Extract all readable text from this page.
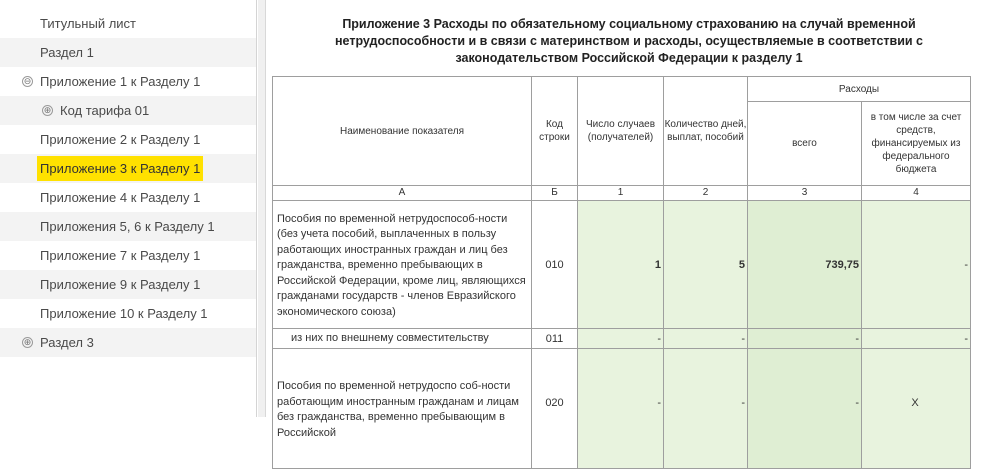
Титульный лист
Раздел 1
⊖ Приложение 1 к Разделу 1
⊕ Код тарифа 01
Приложение 2 к Разделу 1
Приложение 3 к Разделу 1
Приложение 4 к Разделу 1
Приложения 5, 6 к Разделу 1
Приложение 7 к Разделу 1
Приложение 9 к Разделу 1
Приложение 10 к Разделу 1
⊕ Раздел 3
Приложение 3 Расходы по обязательному социальному страхованию на случай временной
нетрудоспособности и в связи с материнством и расходы, осуществляемые в соответствии с
законодательством Российской Федерации к разделу 1
Наименование показателя	Код строки	Число случаев (получателей)	Количество дней, выплат, пособий	Расходы	
				всего	в том числе за счет средств, финансируемых из федерального бюджета
А	Б	1	2	3	4
Пособия по временной нетрудоспособ-ности (без учета пособий, выплаченных в пользу работающих иностранных граждан и лиц без гражданства, временно пребывающих в Российской Федерации, кроме лиц, являющихся гражданами государств - членов Евразийского экономического союза)	010	1	5	739,75	-
из них по внешнему совместительству	011	-	-	-	-
Пособия по временной нетрудоспо соб-ности работающим иностранным гражданам и лицам без гражданства, временно пребывающим в Российской	020	-	-	-	Х
